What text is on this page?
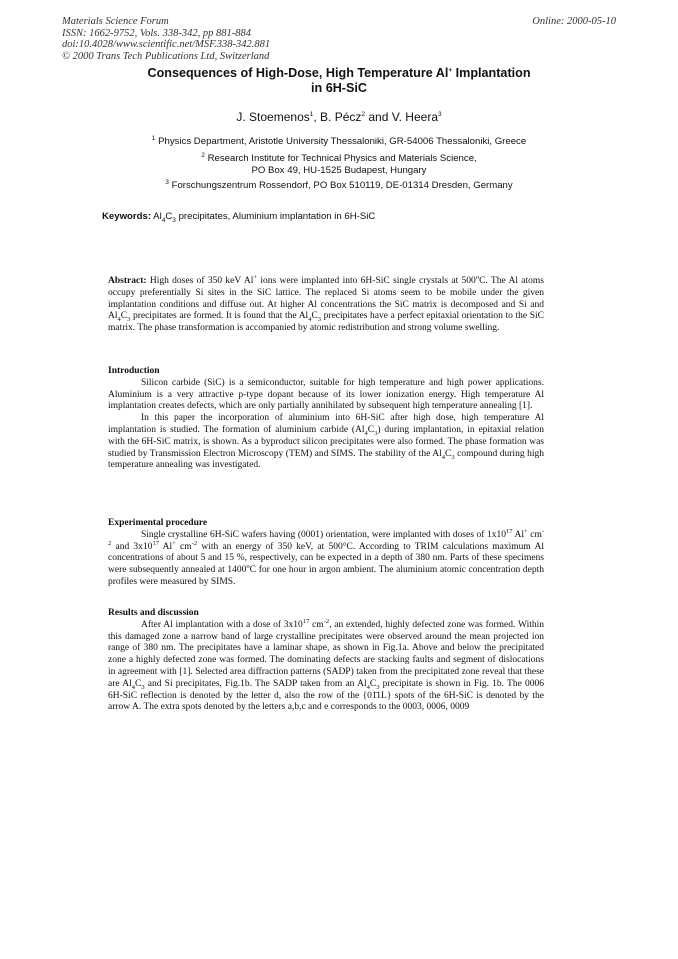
Materials Science Forum
ISSN: 1662-9752, Vols. 338-342, pp 881-884
doi:10.4028/www.scientific.net/MSF.338-342.881
© 2000 Trans Tech Publications Ltd, Switzerland
Online: 2000-05-10
Consequences of High-Dose, High Temperature Al+ Implantation
in 6H-SiC
J. Stoemenos$^1$, B. Pécz$^2$ and V. Heera$^3$
$^1$ Physics Department, Aristotle University Thessaloniki, GR-54006 Thessaloniki, Greece
$^2$ Research Institute for Technical Physics and Materials Science,
PO Box 49, HU-1525 Budapest, Hungary
$^3$ Forschungszentrum Rossendorf, PO Box 510119, DE-01314 Dresden, Germany
Keywords: $Al_4C_3$ precipitates, Aluminium implantation in 6H-SiC

Abstract: High doses of 350 keV Al+ ions were implanted into 6H-SiC single crystals at 500$^o$C. The Al atoms occupy preferentially Si sites in the SiC lattice. The replaced Si atoms seem to be mobile under the given implantation conditions and diffuse out. At higher Al concentrations the SiC matrix is decomposed and Si and $Al_4C_3$ precipitates are formed. It is found that the $Al_4C_3$ precipitates have a perfect epitaxial orientation to the SiC matrix. The phase transformation is accompanied by atomic redistribution and strong volume swelling.

Introduction

Silicon carbide (SiC) is a semiconductor, suitable for high temperature and high power applications. Aluminium is a very attractive p-type dopant because of its lower ionization energy. High temperature Al implantation creates defects, which are only partially annihilated by subsequent high temperature annealing [1].

In this paper the incorporation of aluminium into 6H-SiC after high dose, high temperature Al implantation is studied. The formation of aluminium carbide $(Al_4C_3)$ during implantation, in epitaxial relation with the 6H-SiC matrix, is shown. As a byproduct silicon precipitates were also formed. The phase formation was studied by Transmission Electron Microscopy (TEM) and SIMS. The stability of the $Al_4C_3$ compound during high temperature annealing was investigated.

Experimental procedure

Single crystalline 6H-SiC wafers having (0001) orientation, were implanted with doses of $1x10^{17}$ Al+ $cm^{-2}$ and $3x10^{17}$ Al+ $cm^{-2}$ with an energy of 350 keV, at 500°C. According to TRIM calculations maximum Al concentrations of about 5 and 15 %, respectively, can be expected in a depth of 380 nm. Parts of these specimens were subsequently annealed at 1400$^o$C for one hour in argon ambient. The aluminium atomic concentration depth profiles were measured by SIMS.

Results and discussion

After Al implantation with a dose of $3x10^{17}$ $cm^{-2}$, an extended, highly defected zone was formed. Within this damaged zone a narrow band of large crystalline precipitates were observed around the mean projected ion range of 380 nm. The precipitates have a laminar shape, as shown in Fig.1a. Above and below the precipitated zone a highly defected zone was formed. The dominating defects are stacking faults and segment of dislocations in agreement with [1]. Selected area diffraction patterns (SADP) taken from the precipitated zone reveal that these are $Al_4C_3$ and Si precipitates, Fig.1b. The SADP taken from an $Al_4C_3$ precipitate is shown in Fig. 1b. The 0006 6H-SiC reflection is denoted by the letter d, also the row of the {01̄1L} spots of the 6H-SiC is denoted by the arrow A. The extra spots denoted by the letters a,b,c and e corresponds to the 0003, 0006, 0009
